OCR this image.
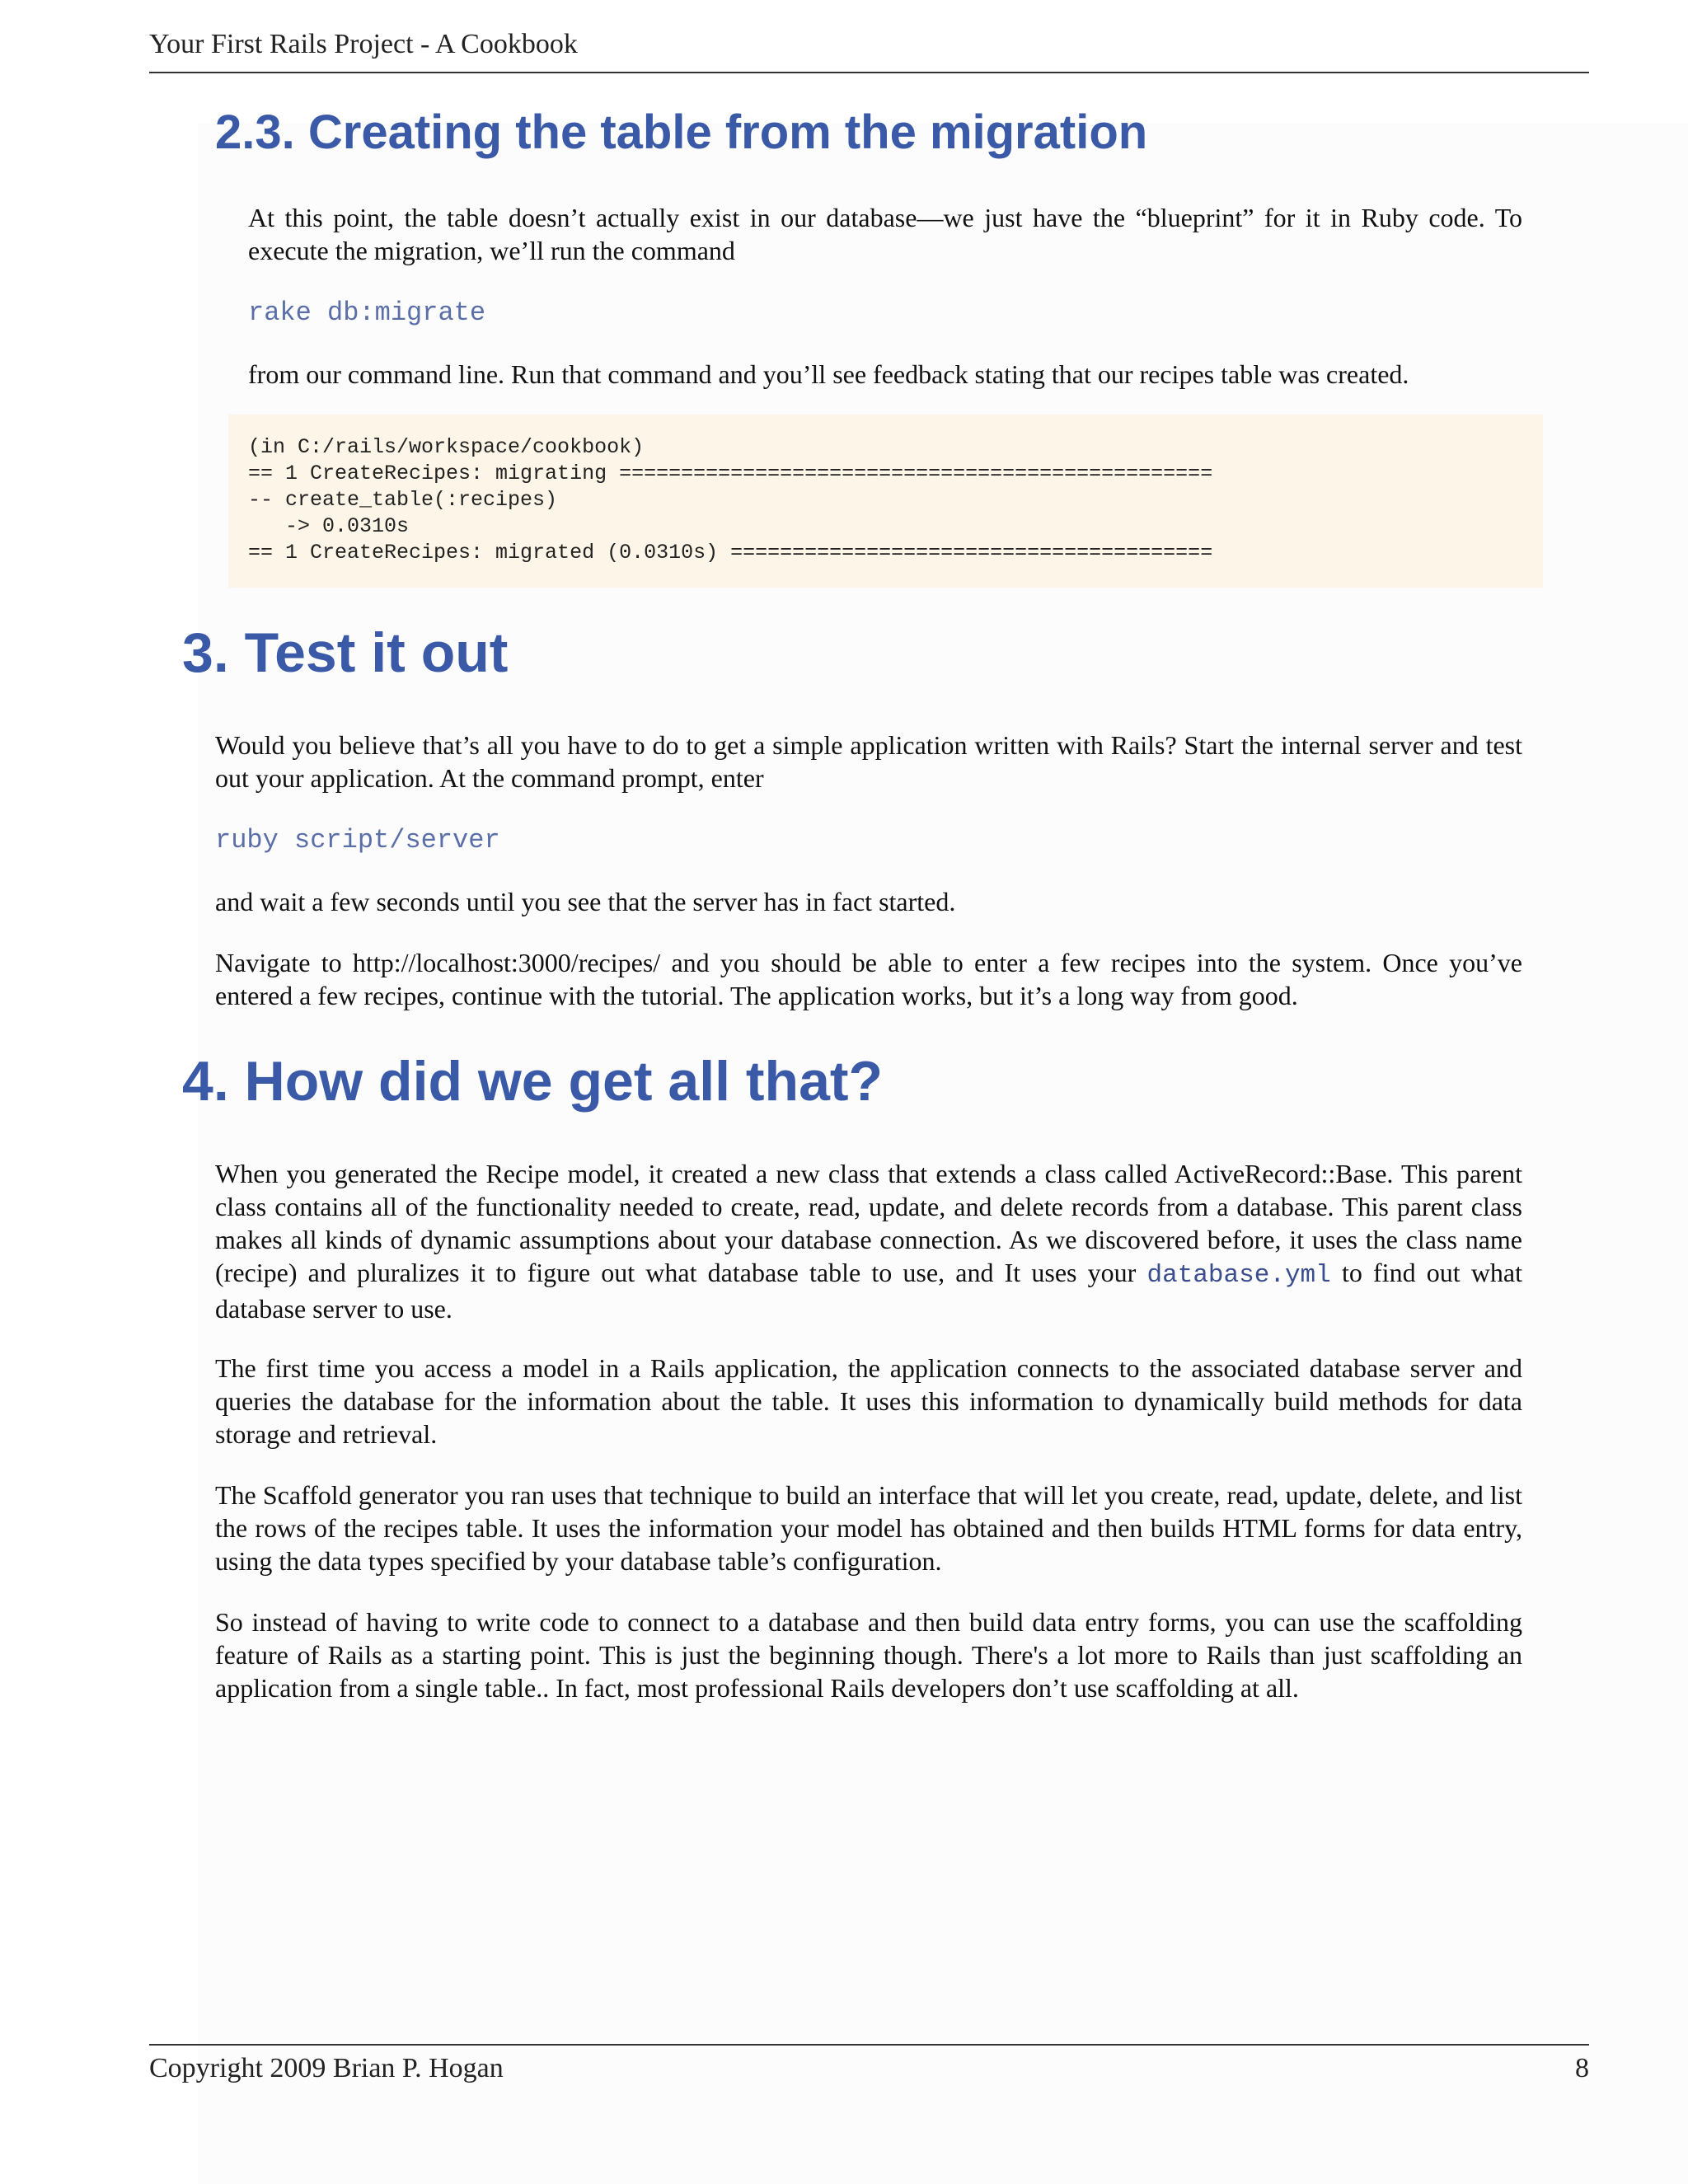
Your First Rails Project - A Cookbook
2.3. Creating the table from the migration

At this point, the table doesn’t actually exist in our database—we just have the “blueprint” for it in Ruby code. To execute the migration, we’ll run the command

rake db:migrate

from our command line. Run that command and you’ll see feedback stating that our recipes table was created.

(in C:/rails/workspace/cookbook)

== 1 CreateRecipes: migrating ================================================

-- create_table(:recipes)

-> 0.0310s

== 1 CreateRecipes: migrated (0.0310s) =======================================

3. Test it out

Would you believe that’s all you have to do to get a simple application written with Rails? Start the internal server and test out your application. At the command prompt, enter

ruby script/server

and wait a few seconds until you see that the server has in fact started.

Navigate to http://localhost:3000/recipes/ and you should be able to enter a few recipes into the system. Once you’ve entered a few recipes, continue with the tutorial. The application works, but it’s a long way from good.

4. How did we get all that?

When you generated the Recipe model, it created a new class that extends a class called ActiveRecord::Base. This parent class contains all of the functionality needed to create, read, update, and delete records from a database. This parent class makes all kinds of dynamic assumptions about your database connection. As we discovered before, it uses the class name (recipe) and pluralizes it to figure out what database table to use, and It uses your database.yml to find out what database server to use.

The first time you access a model in a Rails application, the application connects to the associated database server and queries the database for the information about the table. It uses this information to dynamically build methods for data storage and retrieval.

The Scaffold generator you ran uses that technique to build an interface that will let you create, read, update, delete, and list the rows of the recipes table. It uses the information your model has obtained and then builds HTML forms for data entry, using the data types specified by your database table’s configuration.

So instead of having to write code to connect to a database and then build data entry forms, you can use the scaffolding feature of Rails as a starting point. This is just the beginning though. There's a lot more to Rails than just scaffolding an application from a single table.. In fact, most professional Rails developers don’t use scaffolding at all.

Copyright 2009 Brian P. Hogan	8
